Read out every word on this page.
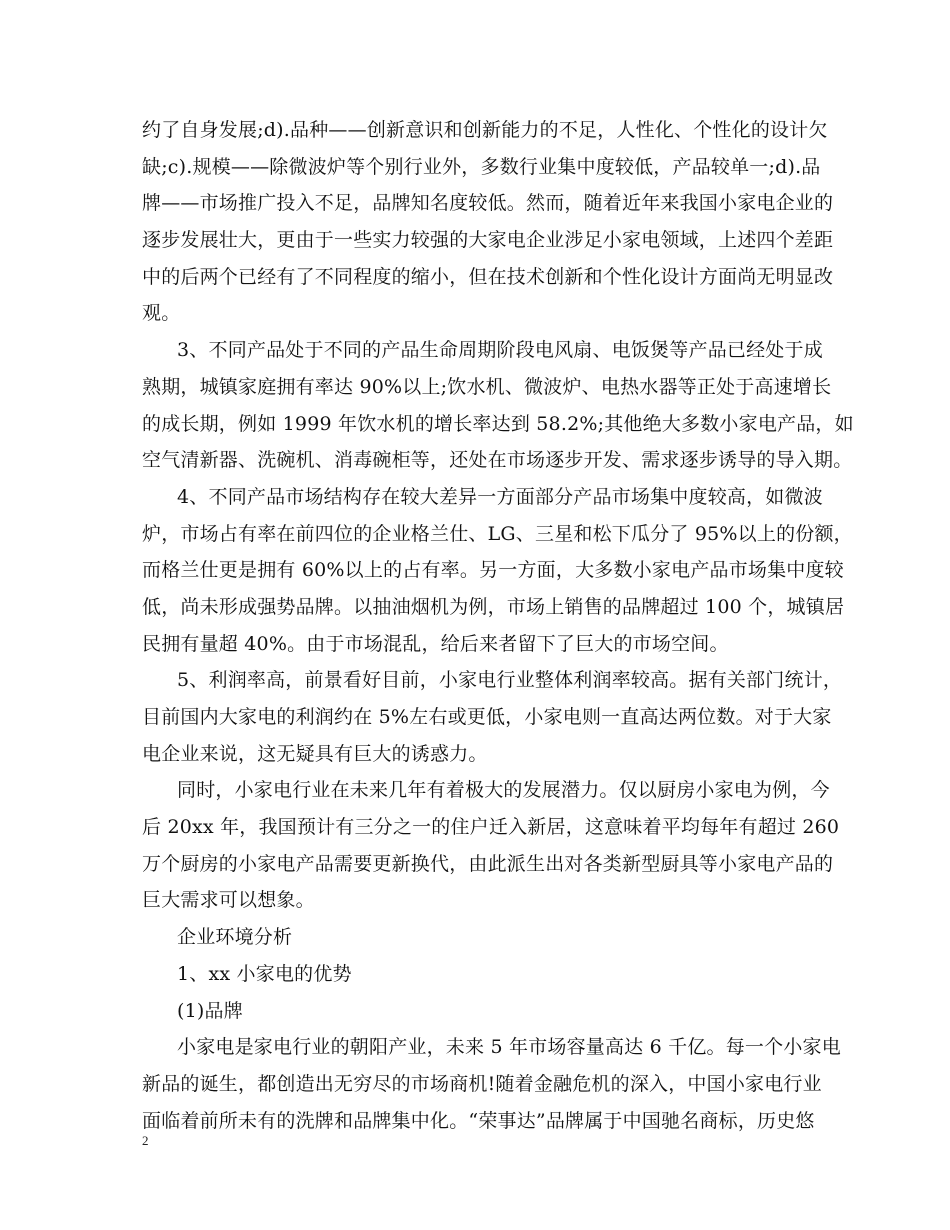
约了自身发展;d).品种——创新意识和创新能力的不足，人性化、个性化的设计欠
缺;c).规模——除微波炉等个别行业外，多数行业集中度较低，产品较单一;d).品
牌——市场推广投入不足，品牌知名度较低。然而，随着近年来我国小家电企业的
逐步发展壮大，更由于一些实力较强的大家电企业涉足小家电领域，上述四个差距
中的后两个已经有了不同程度的缩小，但在技术创新和个性化设计方面尚无明显改
观。
3、不同产品处于不同的产品生命周期阶段电风扇、电饭煲等产品已经处于成
熟期，城镇家庭拥有率达 90%以上;饮水机、微波炉、电热水器等正处于高速增长
的成长期，例如 1999 年饮水机的增长率达到 58.2%;其他绝大多数小家电产品，如
空气清新器、洗碗机、消毒碗柜等，还处在市场逐步开发、需求逐步诱导的导入期。
4、不同产品市场结构存在较大差异一方面部分产品市场集中度较高，如微波
炉，市场占有率在前四位的企业格兰仕、LG、三星和松下瓜分了 95%以上的份额，
而格兰仕更是拥有 60%以上的占有率。另一方面，大多数小家电产品市场集中度较
低，尚未形成强势品牌。以抽油烟机为例，市场上销售的品牌超过 100 个，城镇居
民拥有量超 40%。由于市场混乱，给后来者留下了巨大的市场空间。
5、利润率高，前景看好目前，小家电行业整体利润率较高。据有关部门统计，
目前国内大家电的利润约在 5%左右或更低，小家电则一直高达两位数。对于大家
电企业来说，这无疑具有巨大的诱惑力。
同时，小家电行业在未来几年有着极大的发展潜力。仅以厨房小家电为例，今
后 20xx 年，我国预计有三分之一的住户迁入新居，这意味着平均每年有超过 260
万个厨房的小家电产品需要更新换代，由此派生出对各类新型厨具等小家电产品的
巨大需求可以想象。
企业环境分析
1、xx 小家电的优势
(1)品牌
小家电是家电行业的朝阳产业，未来 5 年市场容量高达 6 千亿。每一个小家电
新品的诞生，都创造出无穷尽的市场商机!随着金融危机的深入，中国小家电行业
面临着前所未有的洗牌和品牌集中化。“荣事达”品牌属于中国驰名商标，历史悠
2
